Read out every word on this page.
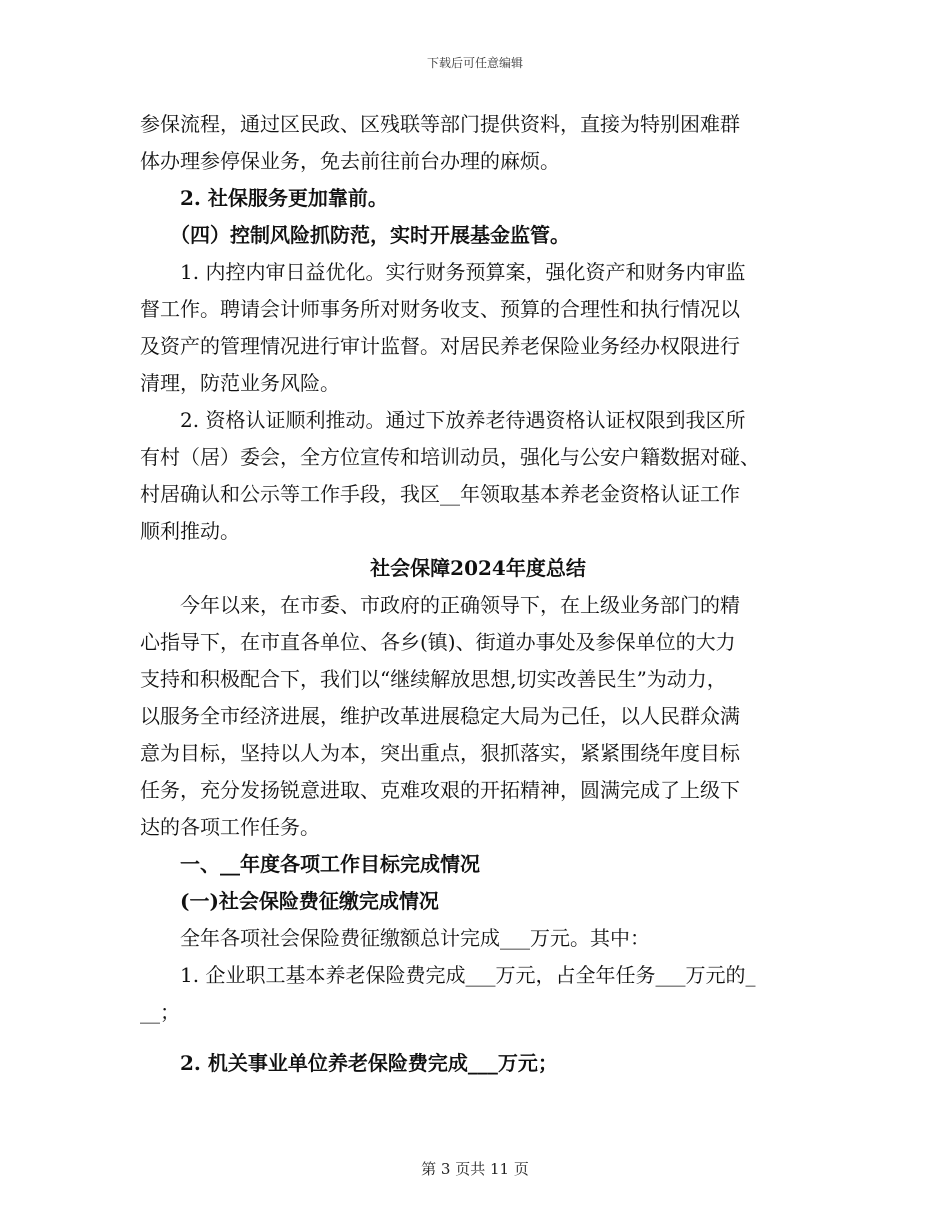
下载后可任意编辑
参保流程，通过区民政、区残联等部门提供资料，直接为特别困难群
体办理参停保业务，免去前往前台办理的麻烦。
2. 社保服务更加靠前。
（四）控制风险抓防范，实时开展基金监管。
1. 内控内审日益优化。实行财务预算案，强化资产和财务内审监
督工作。聘请会计师事务所对财务收支、预算的合理性和执行情况以
及资产的管理情况进行审计监督。对居民养老保险业务经办权限进行
清理，防范业务风险。
2. 资格认证顺利推动。通过下放养老待遇资格认证权限到我区所
有村（居）委会，全方位宣传和培训动员，强化与公安户籍数据对碰、
村居确认和公示等工作手段，我区__年领取基本养老金资格认证工作
顺利推动。
社会保障2024年度总结
今年以来，在市委、市政府的正确领导下，在上级业务部门的精
心指导下，在市直各单位、各乡(镇)、街道办事处及参保单位的大力
支持和积极配合下，我们以“继续解放思想,切实改善民生”为动力，
以服务全市经济进展，维护改革进展稳定大局为己任，以人民群众满
意为目标，坚持以人为本，突出重点，狠抓落实，紧紧围绕年度目标
任务，充分发扬锐意进取、克难攻艰的开拓精神，圆满完成了上级下
达的各项工作任务。
一、__年度各项工作目标完成情况
(一)社会保险费征缴完成情况
全年各项社会保险费征缴额总计完成___万元。其中：
1. 企业职工基本养老保险费完成___万元，占全年任务___万元的_
__；
2. 机关事业单位养老保险费完成___万元；
第 3 页共 11 页
